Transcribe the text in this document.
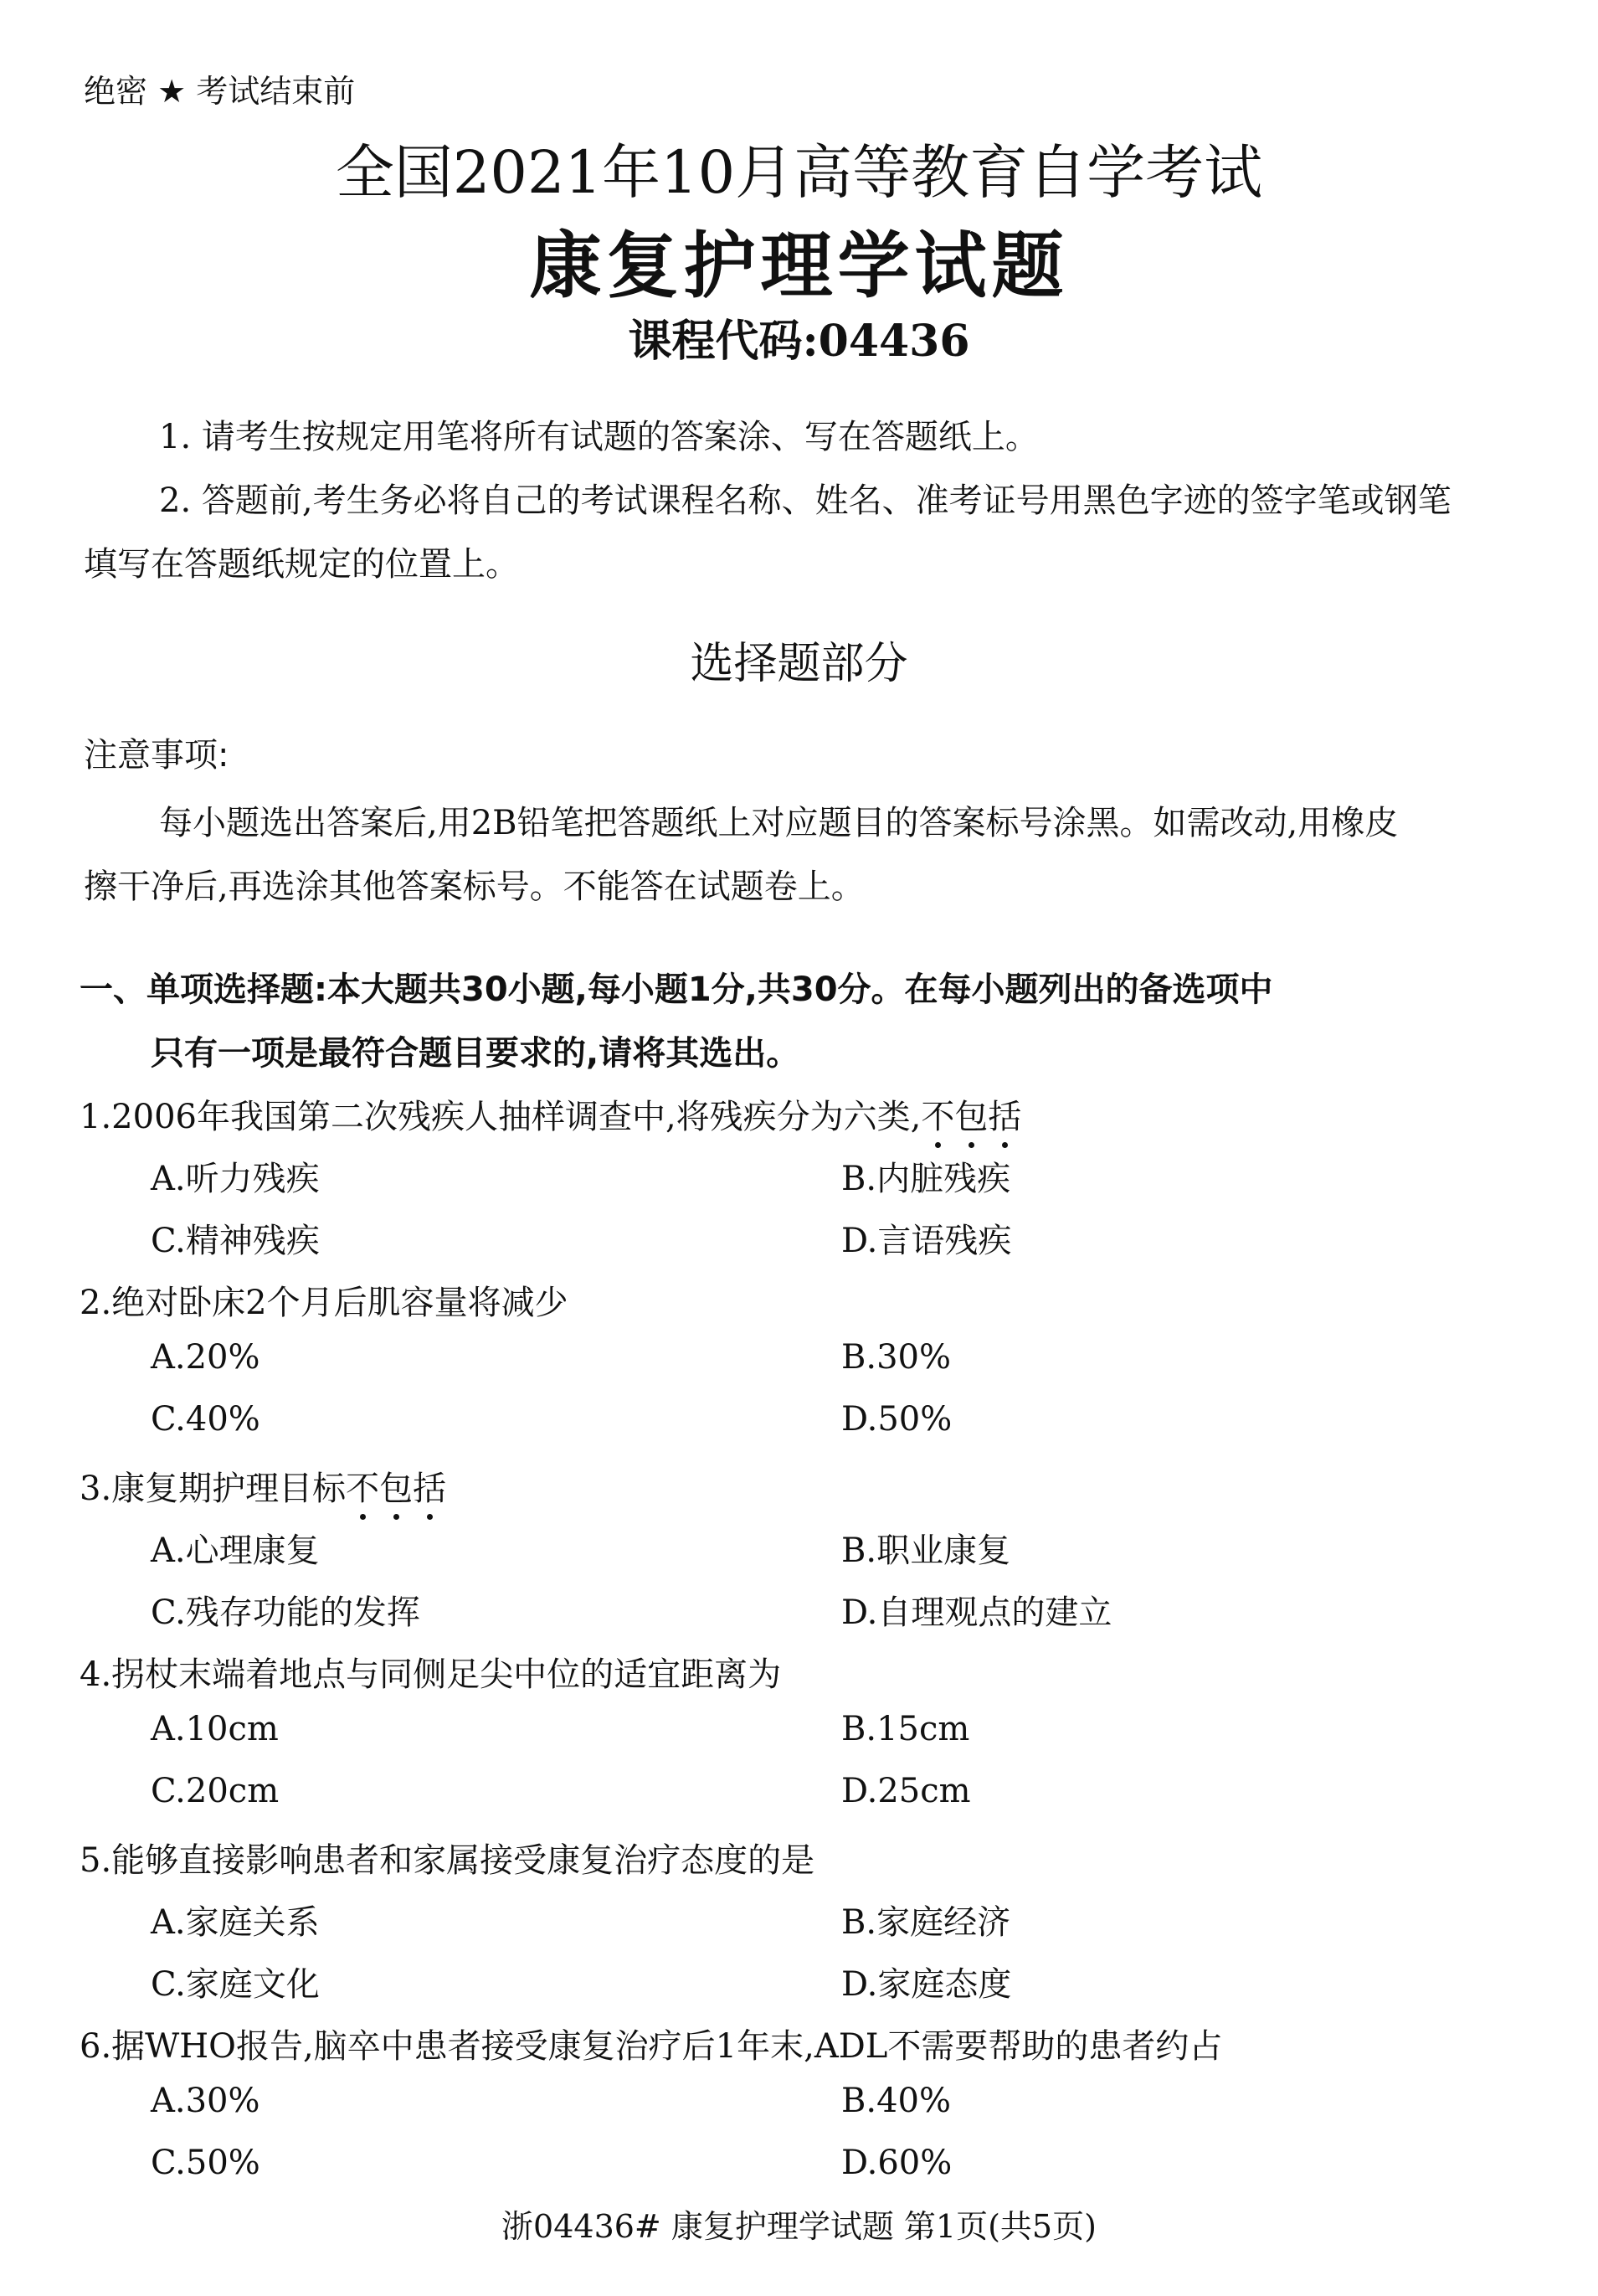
绝密 ★ 考试结束前
全国2021年10月高等教育自学考试
康复护理学试题
课程代码:04436
1. 请考生按规定用笔将所有试题的答案涂、写在答题纸上。
2. 答题前,考生务必将自己的考试课程名称、姓名、准考证号用黑色字迹的签字笔或钢笔
填写在答题纸规定的位置上。
选择题部分
注意事项:
每小题选出答案后,用2B铅笔把答题纸上对应题目的答案标号涂黑。如需改动,用橡皮
擦干净后,再选涂其他答案标号。不能答在试题卷上。
一、单项选择题:本大题共30小题,每小题1分,共30分。在每小题列出的备选项中
只有一项是最符合题目要求的,请将其选出。
1.2006年我国第二次残疾人抽样调查中,将残疾分为六类,不包括
A.听力残疾	B.内脏残疾
C.精神残疾	D.言语残疾
2.绝对卧床2个月后肌容量将减少
A.20%	B.30%
C.40%	D.50%
3.康复期护理目标不包括
A.心理康复	B.职业康复
C.残存功能的发挥	D.自理观点的建立
4.拐杖末端着地点与同侧足尖中位的适宜距离为
A.10cm	B.15cm
C.20cm	D.25cm
5.能够直接影响患者和家属接受康复治疗态度的是
A.家庭关系	B.家庭经济
C.家庭文化	D.家庭态度
6.据WHO报告,脑卒中患者接受康复治疗后1年末,ADL不需要帮助的患者约占
A.30%	B.40%
C.50%	D.60%
浙04436# 康复护理学试题 第1页(共5页)
